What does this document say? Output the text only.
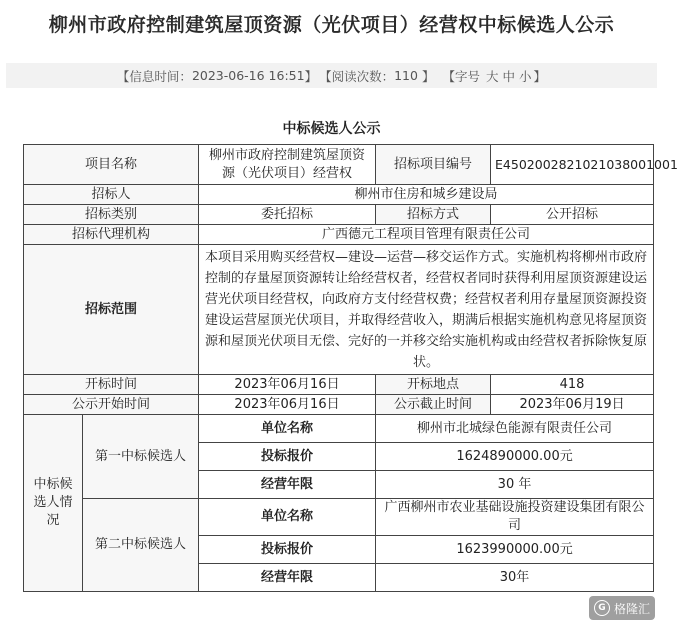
柳州市政府控制建筑屋顶资源（光伏项目）经营权中标候选人公示
【信息时间： 2023-06-16 16:51 】 【阅读次数： 110 】 【字号 大 中 小 】
中标候选人公示
项目名称		柳州市政府控制建筑屋顶资源（光伏项目）经营权	招标项目编号	E4502002821021038001001
招标人		柳州市住房和城乡建设局		
招标类别		委托招标	招标方式	公开招标
招标代理机构		广西德元工程项目管理有限责任公司		
招标范围		本项目采用购买经营权—建设—运营—移交运作方式。实施机构将柳州市政府控制的存量屋顶资源转让给经营权者，经营权者同时获得利用屋顶资源建设运营光伏项目经营权，向政府方支付经营权费；经营权者利用存量屋顶资源投资建设运营屋顶光伏项目，并取得经营收入，期满后根据实施机构意见将屋顶资源和屋顶光伏项目无偿、完好的一并移交给实施机构或由经营权者拆除恢复原状。		
开标时间		2023年06月16日	开标地点	418
公示开始时间		2023年06月16日	公示截止时间	2023年06月19日
中标候选人情况	第一中标候选人	单位名称	柳州市北城绿色能源有限责任公司	
		投标报价	1624890000.00元	
		经营年限	30 年	
	第二中标候选人	单位名称	广西柳州市农业基础设施投资建设集团有限公司	
		投标报价	1623990000.00元	
		经营年限	30年	
G 格隆汇
